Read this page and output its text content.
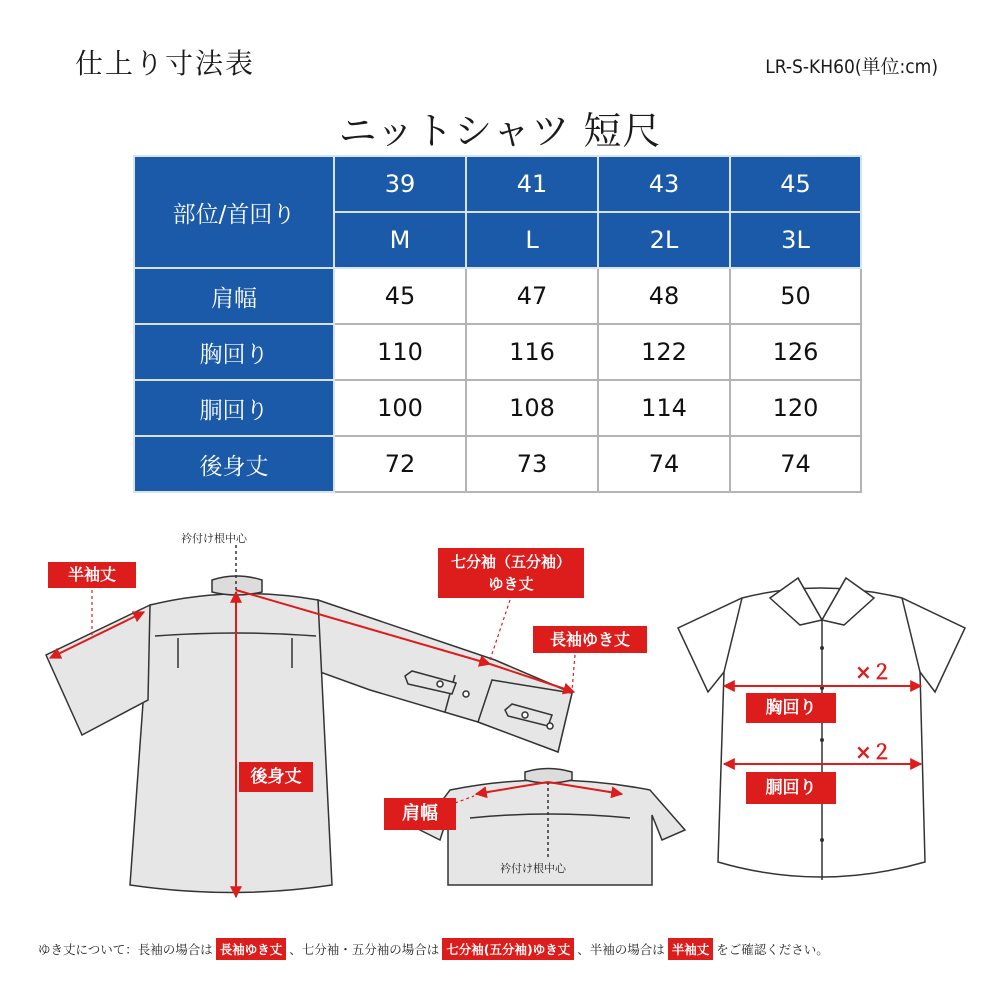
仕上り寸法表	LR-S-KH60(単位:cm)
ニットシャツ 短尺
部位/首回り	39	41	43	45
	M	L	2L	3L
肩幅	45	47	48	50
胸回り	110	116	122	126
胴回り	100	108	114	120
後身丈	72	73	74	74
衿付け根中心
衿付け根中心
半袖丈
七分袖（五分袖）
ゆき丈
長袖ゆき丈
後身丈
肩幅
胸回り
胴回り
×２
×２
ゆき丈について：長袖の場合は 長袖ゆき丈 、七分袖・五分袖の場合は 七分袖(五分袖)ゆき丈 、半袖の場合は 半袖丈 をご確認ください。
